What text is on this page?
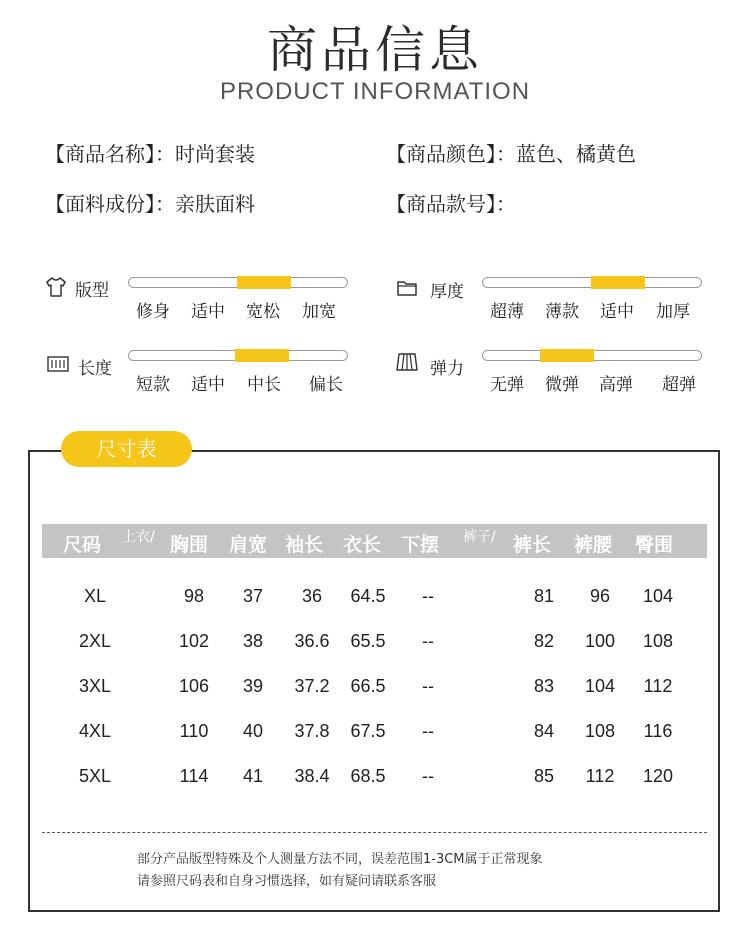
商品信息
PRODUCT INFORMATION
【商品名称】：时尚套装	【商品颜色】：蓝色、橘黄色
【面料成份】：亲肤面料	【商品款号】：
版型
修身 适中 宽松 加宽
长度
短款 适中 中长 偏长
厚度
超薄 薄款 适中 加厚
弹力
无弹 微弹 高弹 超弹
尺寸表
尺码 上衣/ 胸围 肩宽 袖长 衣长 下摆 裤子/ 裤长 裤腰 臀围
XL	98	37	36	64.5	--	81	96	104
2XL	102	38	36.6	65.5	--	82	100	108
3XL	106	39	37.2	66.5	--	83	104	112
4XL	110	40	37.8	67.5	--	84	108	116
5XL	114	41	38.4	68.5	--	85	112	120
部分产品版型特殊及个人测量方法不同，误差范围1-3CM属于正常现象
请参照尺码表和自身习惯选择，如有疑问请联系客服
